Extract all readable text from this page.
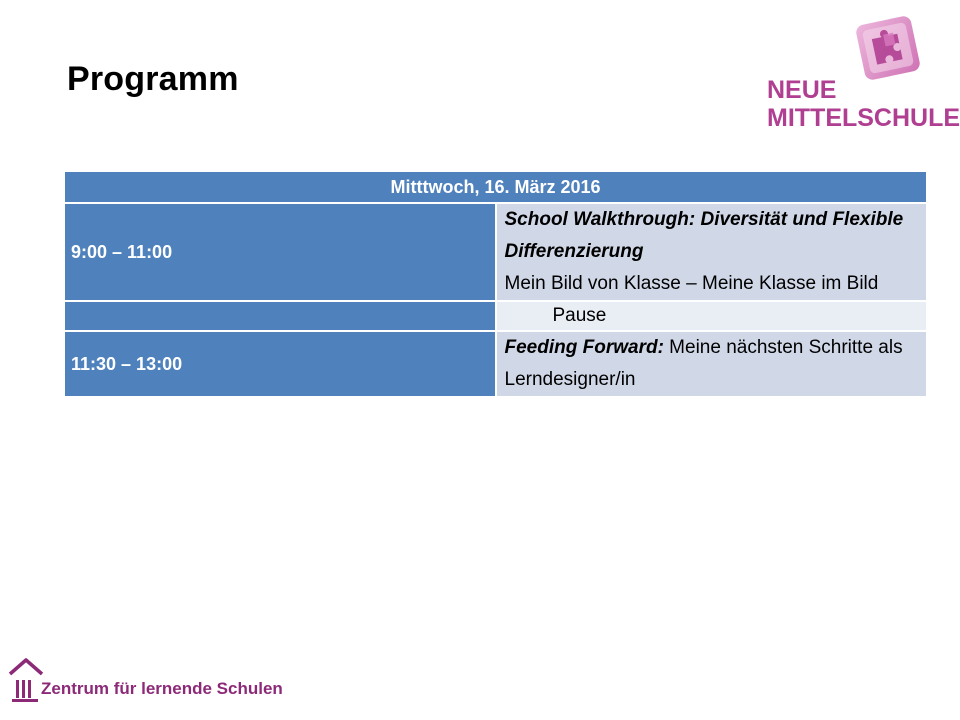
Programm	NEUE
MITTELSCHULE
Mitttwoch, 16. März 2016	
9:00 – 11:00	School Walkthrough: Diversität und Flexible Differenzierung
Mein Bild von Klasse – Meine Klasse im Bild
	Pause
11:30 – 13:00	Feeding Forward: Meine nächsten Schritte als Lerndesigner/in
Zentrum für lernende Schulen
